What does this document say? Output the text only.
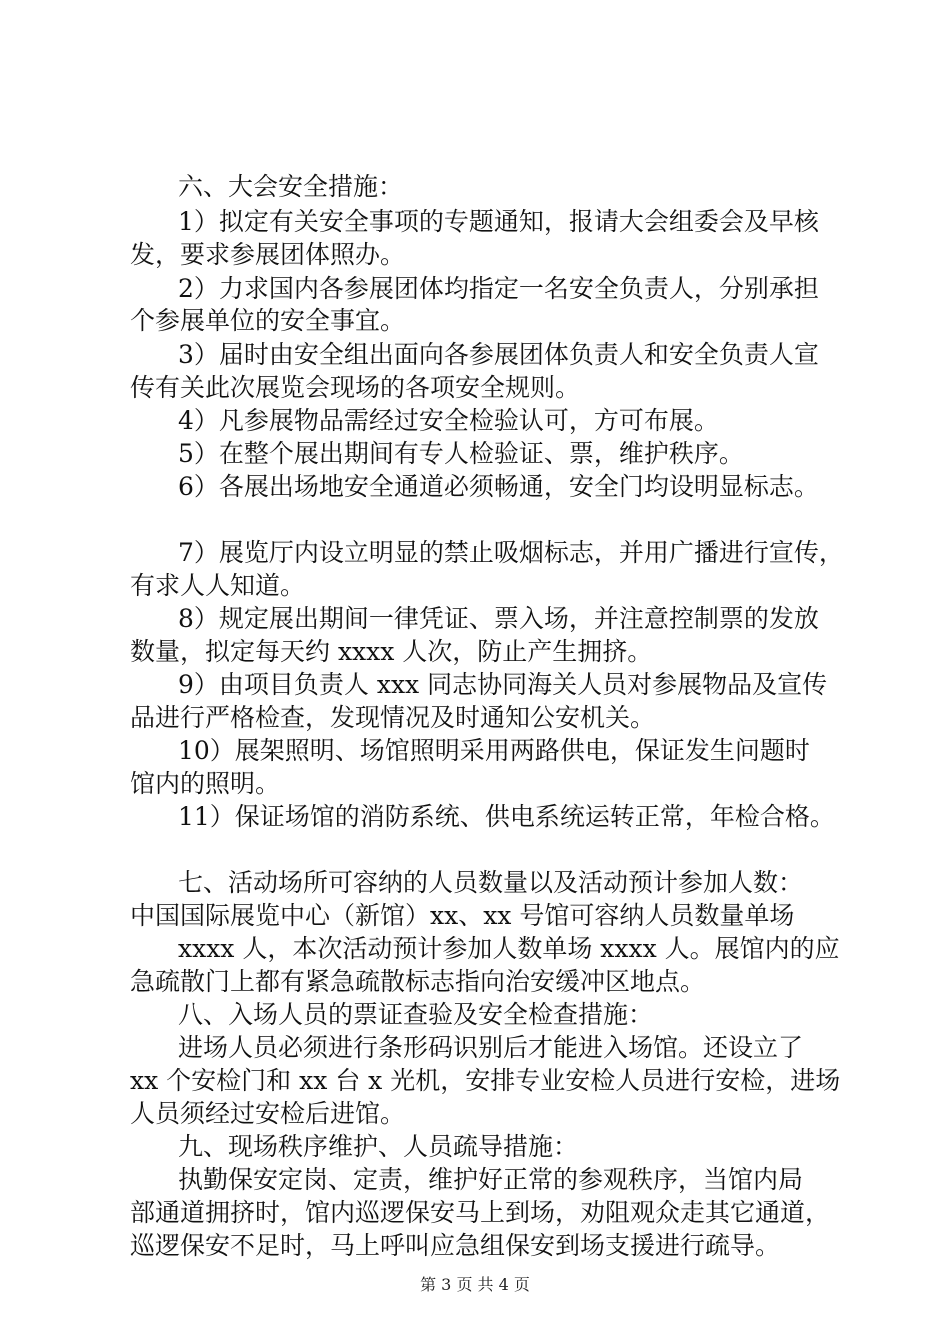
六、大会安全措施：
1）拟定有关安全事项的专题通知，报请大会组委会及早核
发，要求参展团体照办。
2）力求国内各参展团体均指定一名安全负责人，分别承担
个参展单位的安全事宜。
3）届时由安全组出面向各参展团体负责人和安全负责人宣
传有关此次展览会现场的各项安全规则。
4）凡参展物品需经过安全检验认可，方可布展。
5）在整个展出期间有专人检验证、票，维护秩序。
6）各展出场地安全通道必须畅通，安全门均设明显标志。
7）展览厅内设立明显的禁止吸烟标志，并用广播进行宣传，
有求人人知道。
8）规定展出期间一律凭证、票入场，并注意控制票的发放
数量，拟定每天约 xxxx 人次，防止产生拥挤。
9）由项目负责人 xxx 同志协同海关人员对参展物品及宣传
品进行严格检查，发现情况及时通知公安机关。
10）展架照明、场馆照明采用两路供电，保证发生问题时
馆内的照明。
11）保证场馆的消防系统、供电系统运转正常，年检合格。
七、活动场所可容纳的人员数量以及活动预计参加人数：
中国国际展览中心（新馆）xx、xx 号馆可容纳人员数量单场
xxxx 人，本次活动预计参加人数单场 xxxx 人。展馆内的应
急疏散门上都有紧急疏散标志指向治安缓冲区地点。
八、入场人员的票证查验及安全检查措施：
进场人员必须进行条形码识别后才能进入场馆。还设立了
xx 个安检门和 xx 台 x 光机，安排专业安检人员进行安检，进场
人员须经过安检后进馆。
九、现场秩序维护、人员疏导措施：
执勤保安定岗、定责，维护好正常的参观秩序，当馆内局
部通道拥挤时，馆内巡逻保安马上到场，劝阻观众走其它通道，
巡逻保安不足时，马上呼叫应急组保安到场支援进行疏导。
第 3 页 共 4 页
